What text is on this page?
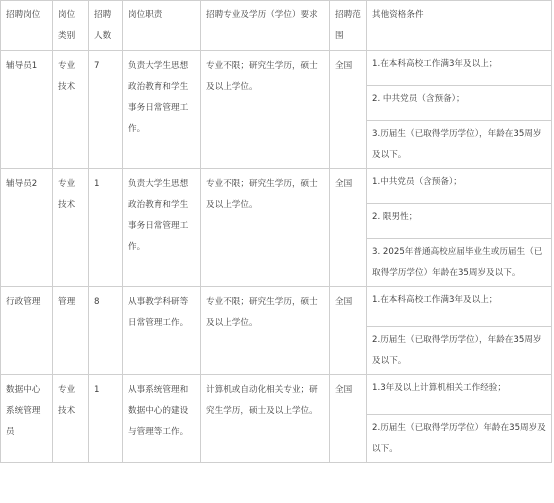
招聘岗位	岗位类别	招聘人数	岗位职责	招聘专业及学历（学位）要求	招聘范围	其他资格条件
辅导员1	专业技术	7	负责大学生思想政治教育和学生事务日常管理工作。	专业不限；研究生学历，硕士及以上学位。	全国	1.在本科高校工作满3年及以上；
						2. 中共党员（含预备）；
						3.历届生（已取得学历学位），年龄在35周岁及以下。
辅导员2	专业技术	1	负责大学生思想政治教育和学生事务日常管理工作。	专业不限；研究生学历，硕士及以上学位。	全国	1.中共党员（含预备）；
						2. 限男性；
						3. 2025年普通高校应届毕业生或历届生（已取得学历学位）年龄在35周岁及以下。
行政管理	管理	8	从事教学科研等日常管理工作。	专业不限；研究生学历，硕士及以上学位。	全国	1.在本科高校工作满3年及以上；
						2.历届生（已取得学历学位），年龄在35周岁及以下。
数据中心系统管理员	专业技术	1	从事系统管理和数据中心的建设与管理等工作。	计算机或自动化相关专业；研究生学历，硕士及以上学位。	全国	1.3年及以上计算机相关工作经验；
						2.历届生（已取得学历学位）年龄在35周岁及以下。
